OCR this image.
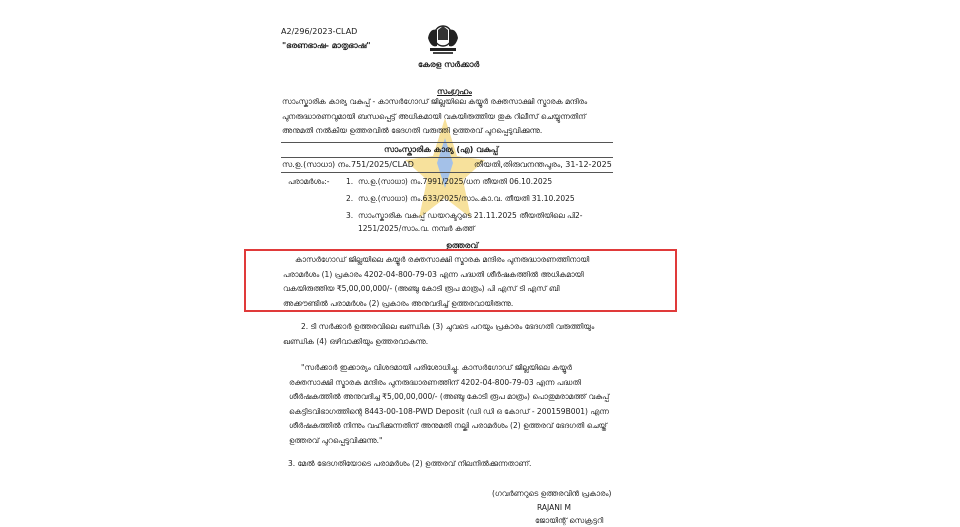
A2/296/2023-CLAD
"ഭരണഭാഷ- മാതൃഭാഷ"
കേരള സർക്കാർ
സംഗ്രഹം
സാംസ്കാരിക കാര്യ വകുപ്പ് - കാസർഗോഡ് ജില്ലയിലെ കയ്യൂർ രക്തസാക്ഷി സ്മാരക മന്ദിരം
പുനരുദ്ധാരണവുമായി ബന്ധപ്പെട്ട് അധികമായി വകയിരുത്തിയ തുക റിലീസ് ചെയ്യുന്നതിന്
അനുമതി നൽകിയ ഉത്തരവിൽ ഭേദഗതി വരുത്തി ഉത്തരവ് പുറപ്പെടുവിക്കുന്നു.
സാംസ്കാരിക കാര്യ (എ) വകുപ്പ്
സ.ഉ.(സാധാ) നം.751/2025/CLAD	തീയതി,തിരുവനന്തപുരം, 31-12-2025
പരാമർശം:- 1. സ.ഉ.(സാധാ) നം.7991/2025/ധന തീയതി 06.10.2025
2. സ.ഉ.(സാധാ) നം.633/2025/സാം.കാ.വ. തീയതി 31.10.2025
3. സാംസ്കാരിക വകുപ്പ് ഡയറക്ടറുടെ 21.11.2025 തീയതിയിലെ പി2-
1251/2025/സാം.വ. നമ്പർ കത്ത്
ഉത്തരവ്
കാസർഗോഡ് ജില്ലയിലെ കയ്യൂർ രക്തസാക്ഷി സ്മാരക മന്ദിരം പുനരുദ്ധാരണത്തിനായി
പരാമർശം (1) പ്രകാരം 4202-04-800-79-03 എന്ന പദ്ധതി ശീർഷകത്തിൽ അധികമായി
വകയിരുത്തിയ ₹5,00,00,000/- (അഞ്ചു കോടി രൂപ മാത്രം) പി എസ് ടി എസ് ബി
അക്കൗണ്ടിൽ പരാമർശം (2) പ്രകാരം അനുവദിച്ച് ഉത്തരവായിരുന്നു.
2. ടി സർക്കാർ ഉത്തരവിലെ ഖണ്ഡിക (3) ചുവടെ പറയും പ്രകാരം ഭേദഗതി വരുത്തിയും
ഖണ്ഡിക (4) ഒഴിവാക്കിയും ഉത്തരവാകുന്നു.
"സർക്കാർ ഇക്കാര്യം വിശദമായി പരിശോധിച്ചു. കാസർഗോഡ് ജില്ലയിലെ കയ്യൂർ
രക്തസാക്ഷി സ്മാരക മന്ദിരം പുനരുദ്ധാരണത്തിന് 4202-04-800-79-03 എന്ന പദ്ധതി
ശീർഷകത്തിൽ അനുവദിച്ച ₹5,00,00,000/- (അഞ്ചു കോടി രൂപ മാത്രം) പൊതുമരാമത്ത് വകുപ്പ്
കെട്ടിടവിഭാഗത്തിന്റെ 8443-00-108-PWD Deposit (ഡി ഡി ഒ കോഡ് - 200159B001) എന്ന
ശീർഷകത്തിൽ നിന്നും വഹിക്കുന്നതിന് അനുമതി നല്കി പരാമർശം (2) ഉത്തരവ് ഭേദഗതി ചെയ്ത്
ഉത്തരവ് പുറപ്പെടുവിക്കുന്നു."
3. മേൽ ഭേദഗതിയോടെ പരാമർശം (2) ഉത്തരവ് നിലനിൽക്കുന്നതാണ്.
(ഗവർണറുടെ ഉത്തരവിൻ പ്രകാരം)
RAJANI M
ജോയിന്റ് സെക്രട്ടറി
